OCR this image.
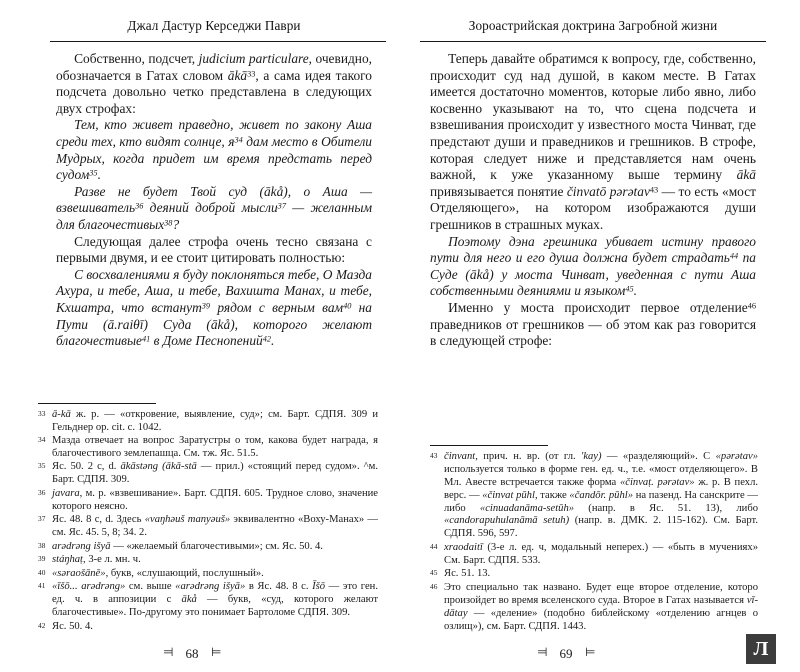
Джал Дастур Керседжи Паври

Собственно, подсчет, judicium particulare, очевидно, обозначается в Гатах словом ākā$^{33}$, а сама идея такого подсчета довольно четко представлена в следующих двух строфах:

Тем, кто живет праведно, живет по закону Аша среди тех, кто видят солнце, $я^{34}$ дам место в Обители Мудрых, когда придет им время предстать перед судом$^{35}$.

Разве не будет Твой суд (ākå), о Аша — взвешиватель$^{36}$ деяний доброй мысли$^{37}$ — желанным для благочестивых$^{38}$?

Следующая далее строфа очень тесно связана с первыми двумя, и ее стоит цитировать полностью:

С восхвалениями я буду поклоняться тебе, О Мазда Ахура, и тебе, Аша, и тебе, Вахишта Манах, и тебе, Кхшатра, что встанут$^{39}$ рядом с верным вам$^{40}$ на Пути (ā.raiθī) Суда (ākå), которого желают благочестивые$^{41}$ в Доме Песнопений$^{42}$.

33 ā-kā ж. р. — «откровение, выявление, суд»; см. Барт. СДПЯ. 309 и Гельднер ор. cit. с. 1042.
34 Мазда отвечает на вопрос Заратустры о том, какова будет награда, я благочестивого землепашца. См. тж. Яс. 51.5.
35 Яс. 50. 2 c, d. ākāstəng (ākā-stā — прил.) «стоящий перед судом». ^м. Барт. СДПЯ. 309.
36 javara, м. р. «взвешивание». Барт. СДПЯ. 605. Трудное слово, значение которого неясно.
37 Яс. 48. 8 c, d. Здесь «vaŋhəuš manyəuš» эквивалентно «Воху-Манах» — см. Яс. 45. 5, 8; 34. 2.
38 arədrəng išyā — «желаемый благочестивыми»; см. Яс. 50. 4.
39 stáŋhaṭ, 3-е л. мн. ч.
40 «səraošānē», букв, «слушающий, послушный».
41 «īšō... arədrəng» см. выше «arədrəng išyā» в Яс. 48. 8 с. Īšō — это ген. ед. ч. в аппозиции с ākå — букв, «суд, которого желают благочестивые». По-другому это понимает Бартоломе СДПЯ. 309.
42 Яс. 50. 4.
⊨ 68 ⊨
Зороастрийская доктрина Загробной жизни

Теперь давайте обратимся к вопросу, где, собственно, происходит суд над душой, в каком месте. В Гатах имеется достаточно моментов, которые либо явно, либо косвенно указывают на то, что сцена подсчета и взвешивания происходит у известного моста Чинват, где предстают души и праведников и грешников. В строфе, которая следует ниже и представляется нам очень важной, к уже указанному выше термину ākā привязывается понятие činvatō pərətav$^{43}$ — то есть «мост Отделяющего», на котором изображаются души грешников в страшных муках.

Поэтому дэна грешника убивает истину правого пути для него и его душа должна будет страдать$^{44}$ па Суде (ākå) у моста Чинват, уведенная с пути Аша собственными деяниями и языком$^{45}$.

Именно у моста происходит первое отделение$^{46}$ праведников от грешников — об этом как раз говорится в следующей строфе:

43 činvant, прич. н. вр. (от гл. 'kay) — «разделяющий». С «pərətav» используется только в форме ген. ед. ч., т.е. «мост отделяющего». В Мл. Авесте встречается также форма «činvaṭ. pərətav» ж. р. В пехл. верс. — «činvat pūhl, также «čandōr. pūhl» на пазенд. На санскрите — либо «cinuadanāma-setūh» (напр. в Яс. 51. 13), либо «candorapuhulanāmā setuh) (напр. в. ДМК. 2. 115-162). См. Барт. СДПЯ. 596, 597.
44 xraodaitī (3-е л. ед. ч, модальный неперех.) — «быть в мучениях» См. Барт. СДПЯ. 533.
45 Яс. 51. 13.
46 Это специально так названо. Будет еще второе отделение, которо произойдет во время вселенского суда. Второе в Гатах называется vī-dātay — «деление» (подобно библейскому «отделению агнцев о озлищ»), см. Барт. СДПЯ. 1443.
⊨ 69 ⊨	Л
